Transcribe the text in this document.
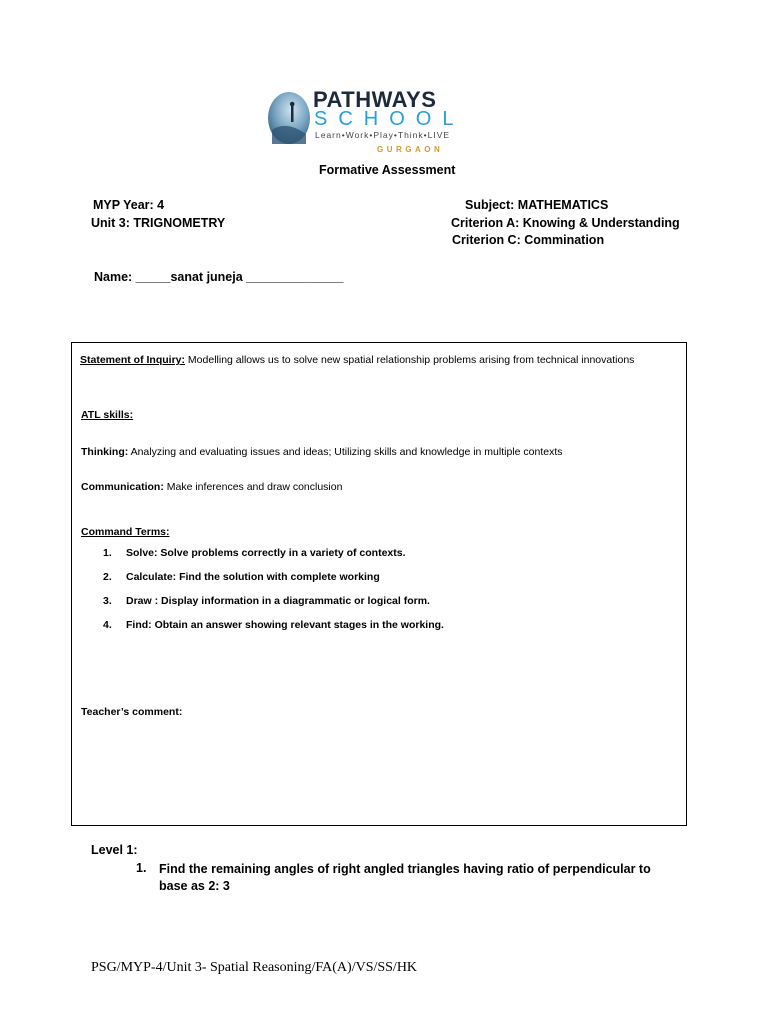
PATHWAYS
SCHOOL
Learn•Work•Play•Think•LIVE
GURGAON
Formative Assessment
MYP Year: 4
Unit 3: TRIGNOMETRY
Subject: MATHEMATICS
Criterion A: Knowing & Understanding
Criterion C: Commination
Name: _____sanat juneja ______________
Statement of Inquiry: Modelling allows us to solve new spatial relationship problems arising from technical innovations
ATL skills:
Thinking: Analyzing and evaluating issues and ideas; Utilizing skills and knowledge in multiple contexts
Communication: Make inferences and draw conclusion
Command Terms:
1. Solve: Solve problems correctly in a variety of contexts.
2. Calculate: Find the solution with complete working
3. Draw : Display information in a diagrammatic or logical form.
4. Find: Obtain an answer showing relevant stages in the working.
Teacher’s comment:
Level 1:
1. Find the remaining angles of right angled triangles having ratio of perpendicular to base as 2: 3
PSG/MYP-4/Unit 3- Spatial Reasoning/FA(A)/VS/SS/HK
